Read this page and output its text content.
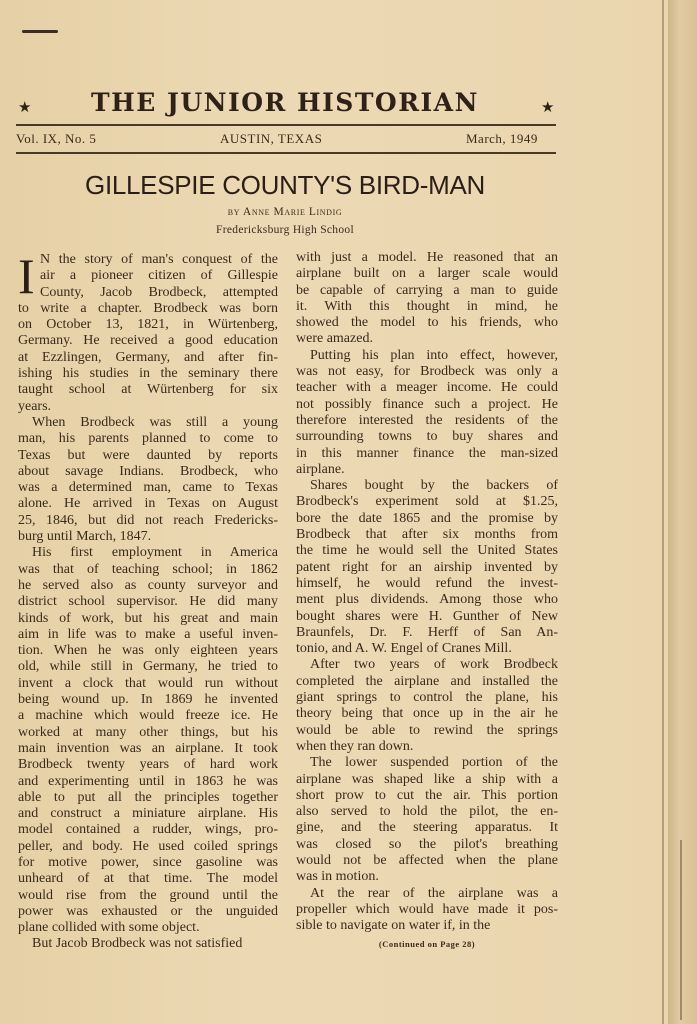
★	THE JUNIOR HISTORIAN	★
Vol. IX, No. 5	AUSTIN, TEXAS	March, 1949
GILLESPIE COUNTY'S BIRD-MAN
by Anne Marie Lindig
Fredericksburg High School
I N the story of man's conquest of the
air a pioneer citizen of Gillespie
County, Jacob Brodbeck, attempted
to write a chapter. Brodbeck was born
on October 13, 1821, in Würtenberg,
Germany. He received a good education
at Ezzlingen, Germany, and after fin-
ishing his studies in the seminary there
taught school at Würtenberg for six
years.
When Brodbeck was still a young
man, his parents planned to come to
Texas but were daunted by reports
about savage Indians. Brodbeck, who
was a determined man, came to Texas
alone. He arrived in Texas on August
25, 1846, but did not reach Fredericks-
burg until March, 1847.
His first employment in America
was that of teaching school; in 1862
he served also as county surveyor and
district school supervisor. He did many
kinds of work, but his great and main
aim in life was to make a useful inven-
tion. When he was only eighteen years
old, while still in Germany, he tried to
invent a clock that would run without
being wound up. In 1869 he invented
a machine which would freeze ice. He
worked at many other things, but his
main invention was an airplane. It took
Brodbeck twenty years of hard work
and experimenting until in 1863 he was
able to put all the principles together
and construct a miniature airplane. His
model contained a rudder, wings, pro-
peller, and body. He used coiled springs
for motive power, since gasoline was
unheard of at that time. The model
would rise from the ground until the
power was exhausted or the unguided
plane collided with some object.
But Jacob Brodbeck was not satisfied
with just a model. He reasoned that an
airplane built on a larger scale would
be capable of carrying a man to guide
it. With this thought in mind, he
showed the model to his friends, who
were amazed.
Putting his plan into effect, however,
was not easy, for Brodbeck was only a
teacher with a meager income. He could
not possibly finance such a project. He
therefore interested the residents of the
surrounding towns to buy shares and
in this manner finance the man-sized
airplane.
Shares bought by the backers of
Brodbeck's experiment sold at $1.25,
bore the date 1865 and the promise by
Brodbeck that after six months from
the time he would sell the United States
patent right for an airship invented by
himself, he would refund the invest-
ment plus dividends. Among those who
bought shares were H. Gunther of New
Braunfels, Dr. F. Herff of San An-
tonio, and A. W. Engel of Cranes Mill.
After two years of work Brodbeck
completed the airplane and installed the
giant springs to control the plane, his
theory being that once up in the air he
would be able to rewind the springs
when they ran down.
The lower suspended portion of the
airplane was shaped like a ship with a
short prow to cut the air. This portion
also served to hold the pilot, the en-
gine, and the steering apparatus. It
was closed so the pilot's breathing
would not be affected when the plane
was in motion.
At the rear of the airplane was a
propeller which would have made it pos-
sible to navigate on water if, in the
(Continued on Page 28)
